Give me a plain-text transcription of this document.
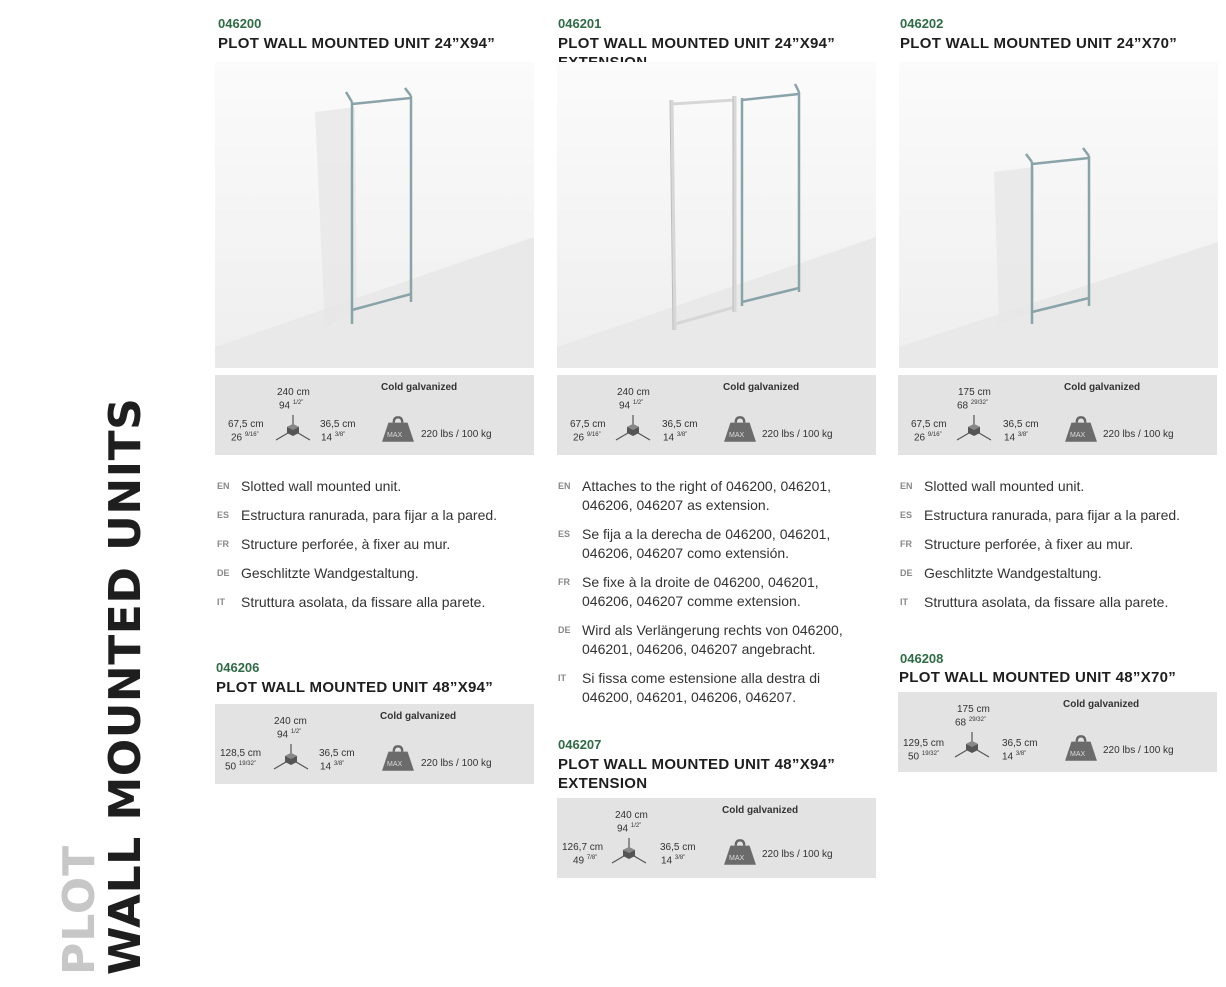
PLOT
WALL MOUNTED UNITS
046200
PLOT WALL MOUNTED UNIT 24”X94”
240 cm
94 $^{1/2”}$
67,5 cm
26 $^{9/16”}$
36,5 cm
14 $^{3/8”}$
Cold galvanized
MAX 220 lbs / 100 kg
EN Slotted wall mounted unit.
ES Estructura ranurada, para fijar a la pared.
FR Structure perforée, à fixer au mur.
DE Geschlitzte Wandgestaltung.
IT	Struttura asolata, da fissare alla parete.
046201
PLOT WALL MOUNTED UNIT 24”X94”
240 cm
94 $^{1/2”}$
67,5 cm
26 $^{9/16”}$
36,5 cm
14 $^{3/8”}$
Cold galvanized
MAX 220 lbs / 100 kg
EN Attaches to the right of 046200, 046201,
046206, 046207 as extension.
ES Se fija a la derecha de 046200, 046201,
046206, 046207 como extensión.
FR Se fixe à la droite de 046200, 046201,
046206, 046207 comme extension.
DE Wird als Verlängerung rechts von 046200,
046201, 046206, 046207 angebracht.
IT	Si fissa come estensione alla destra di
046200, 046201, 046206, 046207.
046202
PLOT WALL MOUNTED UNIT 24”X70”
175 cm
68 $^{29/32”}$
67,5 cm
26 $^{9/16”}$
36,5 cm
14 $^{3/8”}$
Cold galvanized
MAX 220 lbs / 100 kg
EN Slotted wall mounted unit.
ES Estructura ranurada, para fijar a la pared.
FR Structure perforée, à fixer au mur.
DE Geschlitzte Wandgestaltung.
IT	Struttura asolata, da fissare alla parete.
046206
PLOT WALL MOUNTED UNIT 48”X94”
240 cm
94 $^{1/2”}$
128,5 cm
50 $^{19/32”}$
36,5 cm
14 $^{3/8”}$
Cold galvanized
MAX 220 lbs / 100 kg
046207
PLOT WALL MOUNTED UNIT 48”X94”
EXTENSION
240 cm
94 $^{1/2”}$
126,7 cm
49 $^{7/8”}$
36,5 cm
14 $^{3/8”}$
Cold galvanized
MAX 220 lbs / 100 kg
046208
PLOT WALL MOUNTED UNIT 48”X70”
175 cm
68 $^{29/32”}$
129,5 cm
50 $^{19/32”}$
36,5 cm
14 $^{3/8”}$
Cold galvanized
MAX 220 lbs / 100 kg
